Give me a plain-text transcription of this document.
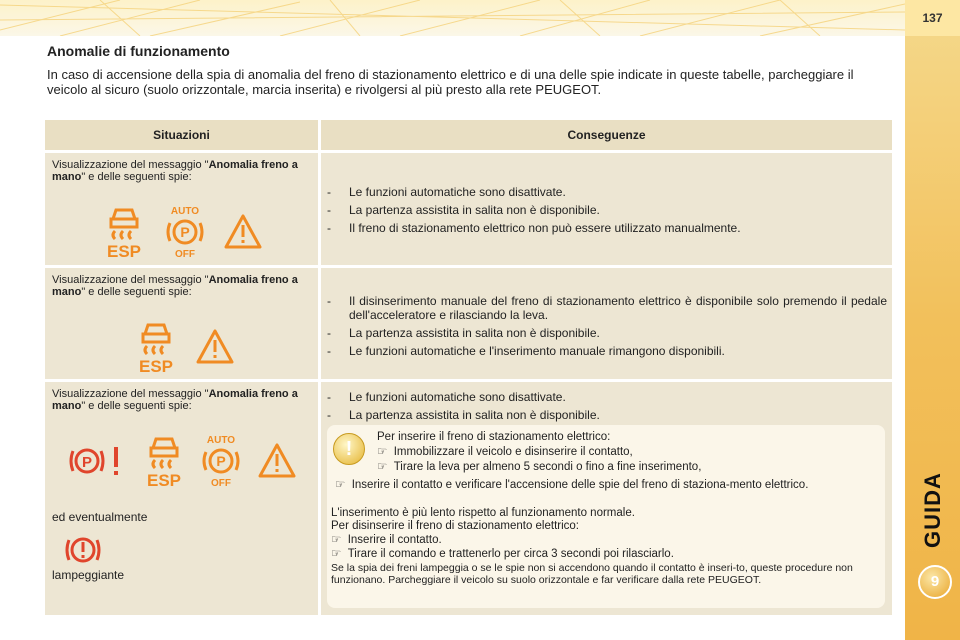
137
GUIDA
9
Anomalie di funzionamento
In caso di accensione della spia di anomalia del freno di stazionamento elettrico e di una delle spie indicate in queste tabelle, parcheggiare il veicolo al sicuro (suolo orizzontale, marcia inserita) e rivolgersi al più presto alla rete PEUGEOT.
Situazioni	Conseguenze
Visualizzazione del messaggio "Anomalia freno a mano" e delle seguenti spie:
ESP
AUTO
P
OFF
- Le funzioni automatiche sono disattivate.
- La partenza assistita in salita non è disponibile.
- Il freno di stazionamento elettrico non può essere utilizzato manualmente.
Visualizzazione del messaggio "Anomalia freno a mano" e delle seguenti spie:
ESP
- Il disinserimento manuale del freno di stazionamento elettrico è disponibile solo premendo il pedale dell'acceleratore e rilasciando la leva.
- La partenza assistita in salita non è disponibile.
- Le funzioni automatiche e l'inserimento manuale rimangono disponibili.
Visualizzazione del messaggio "Anomalia freno a mano" e delle seguenti spie:
P
ESP
AUTO
P
OFF
ed eventualmente
lampeggiante
- Le funzioni automatiche sono disattivate.
- La partenza assistita in salita non è disponibile.
!
Per inserire il freno di stazionamento elettrico:
☞ Immobilizzare il veicolo e disinserire il contatto,
☞ Tirare la leva per almeno 5 secondi o fino a fine inserimento,
☞ Inserire il contatto e verificare l'accensione delle spie del freno di staziona-mento elettrico.
L'inserimento è più lento rispetto al funzionamento normale.
Per disinserire il freno di stazionamento elettrico:
☞ Inserire il contatto.
☞ Tirare il comando e trattenerlo per circa 3 secondi poi rilasciarlo.
Se la spia dei freni lampeggia o se le spie non si accendono quando il contatto è inseri-to, queste procedure non funzionano. Parcheggiare il veicolo su suolo orizzontale e far verificare dalla rete PEUGEOT.
